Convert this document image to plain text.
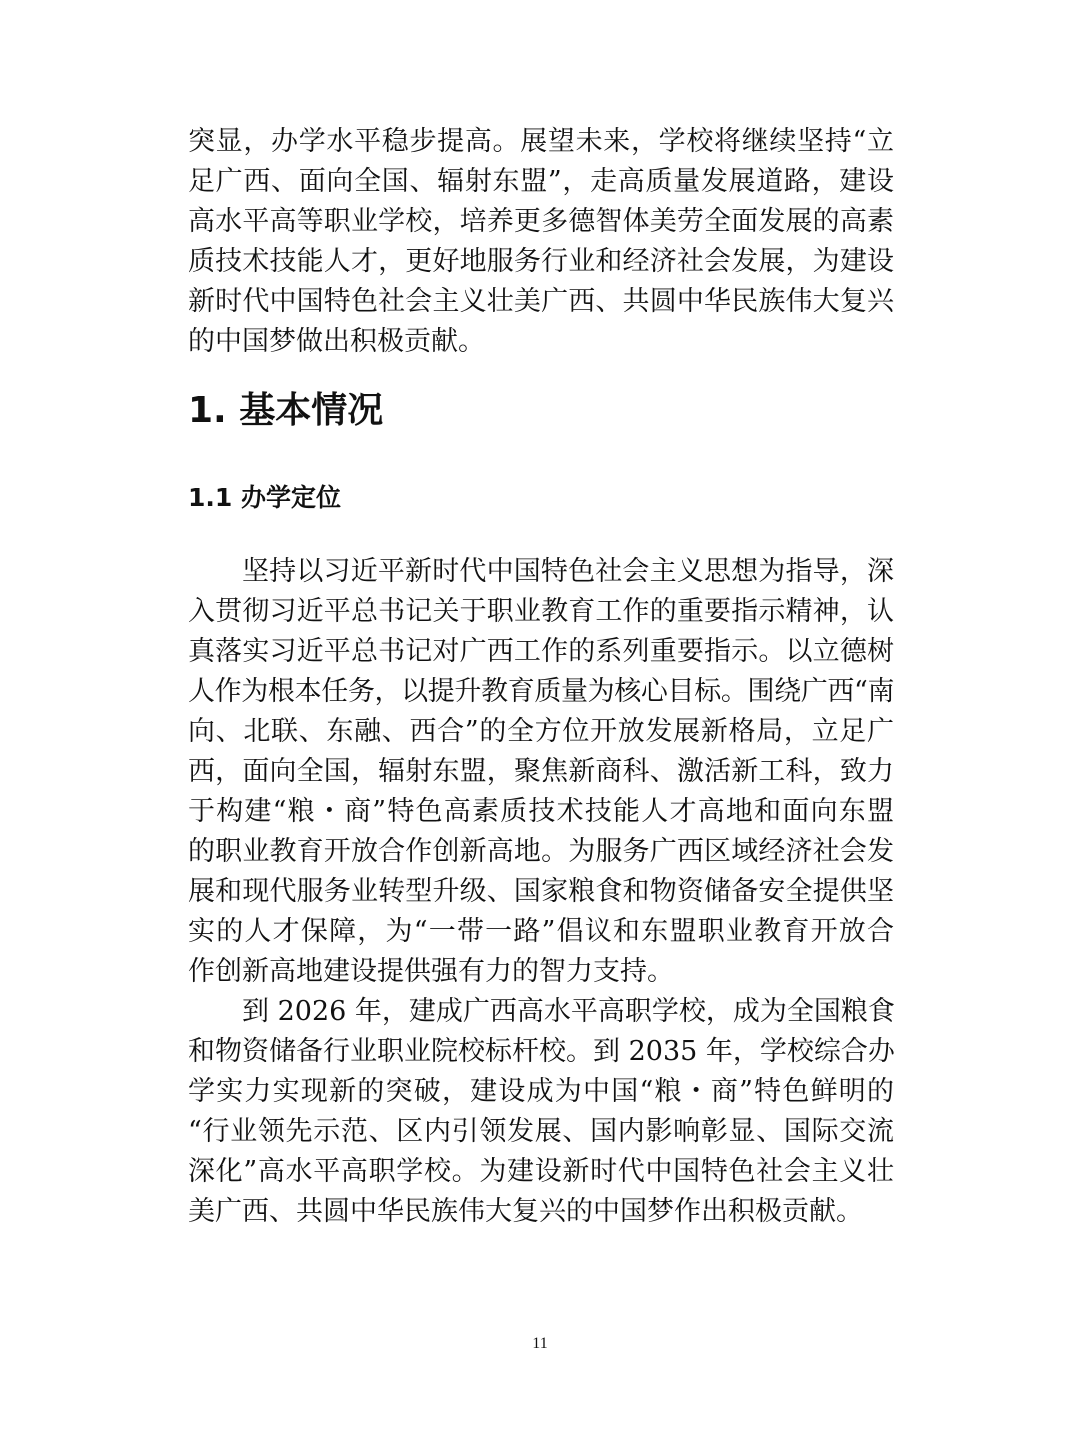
突显，办学水平稳步提高。展望未来，学校将继续坚持“立

足广西、面向全国、辐射东盟”，走高质量发展道路，建设

高水平高等职业学校，培养更多德智体美劳全面发展的高素

质技术技能人才，更好地服务行业和经济社会发展，为建设

新时代中国特色社会主义壮美广西、共圆中华民族伟大复兴

的中国梦做出积极贡献。

1. 基本情况
1.1 办学定位

坚持以习近平新时代中国特色社会主义思想为指导，深

入贯彻习近平总书记关于职业教育工作的重要指示精神，认

真落实习近平总书记对广西工作的系列重要指示。以立德树

人作为根本任务，以提升教育质量为核心目标。围绕广西“南

向、北联、东融、西合”的全方位开放发展新格局，立足广

西，面向全国，辐射东盟，聚焦新商科、激活新工科，致力

于构建“粮・商”特色高素质技术技能人才高地和面向东盟

的职业教育开放合作创新高地。为服务广西区域经济社会发

展和现代服务业转型升级、国家粮食和物资储备安全提供坚

实的人才保障，为“一带一路”倡议和东盟职业教育开放合

作创新高地建设提供强有力的智力支持。

到 2026 年，建成广西高水平高职学校，成为全国粮食

和物资储备行业职业院校标杆校。到 2035 年，学校综合办

学实力实现新的突破，建设成为中国“粮・商”特色鲜明的

“行业领先示范、区内引领发展、国内影响彰显、国际交流

深化”高水平高职学校。为建设新时代中国特色社会主义壮

美广西、共圆中华民族伟大复兴的中国梦作出积极贡献。

11
